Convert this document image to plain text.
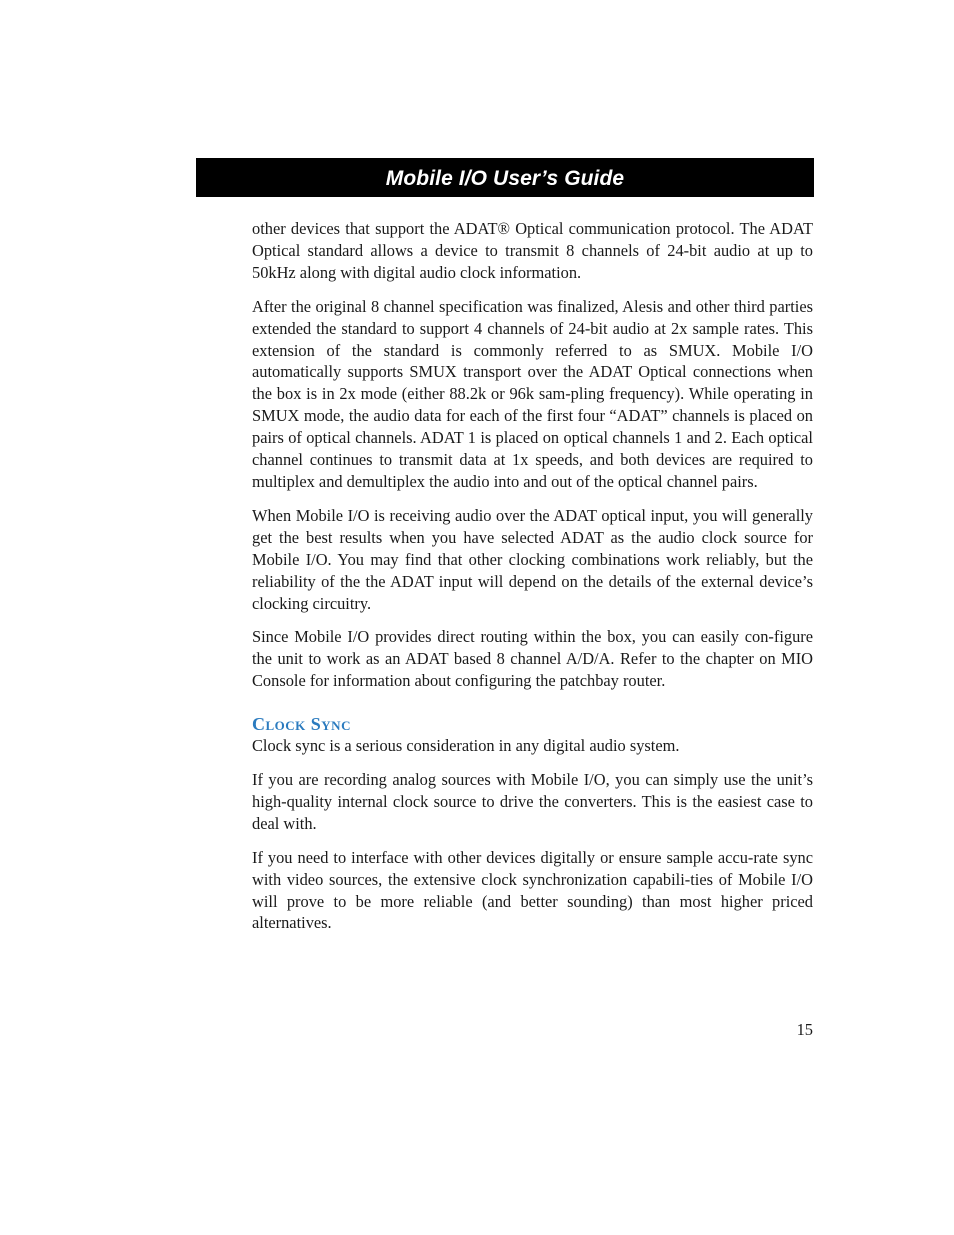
Mobile I/O User’s Guide

other devices that support the ADAT® Optical communication protocol. The ADAT Optical standard allows a device to transmit 8 channels of 24-bit audio at up to 50kHz along with digital audio clock information.

After the original 8 channel specification was finalized, Alesis and other third parties extended the standard to support 4 channels of 24-bit audio at 2x sample rates. This extension of the standard is commonly referred to as SMUX. Mobile I/O automatically supports SMUX transport over the ADAT Optical connections when the box is in 2x mode (either 88.2k or 96k sam-pling frequency). While operating in SMUX mode, the audio data for each of the first four “ADAT” channels is placed on pairs of optical channels. ADAT 1 is placed on optical channels 1 and 2. Each optical channel continues to transmit data at 1x speeds, and both devices are required to multiplex and demultiplex the audio into and out of the optical channel pairs.

When Mobile I/O is receiving audio over the ADAT optical input, you will generally get the best results when you have selected ADAT as the audio clock source for Mobile I/O. You may find that other clocking combinations work reliably, but the reliability of the the ADAT input will depend on the details of the external device’s clocking circuitry.

Since Mobile I/O provides direct routing within the box, you can easily con-figure the unit to work as an ADAT based 8 channel A/D/A. Refer to the chapter on MIO Console for information about configuring the patchbay router.

Clock Sync

Clock sync is a serious consideration in any digital audio system.

If you are recording analog sources with Mobile I/O, you can simply use the unit’s high-quality internal clock source to drive the converters. This is the easiest case to deal with.

If you need to interface with other devices digitally or ensure sample accu-rate sync with video sources, the extensive clock synchronization capabili-ties of Mobile I/O will prove to be more reliable (and better sounding) than most higher priced alternatives.

15
